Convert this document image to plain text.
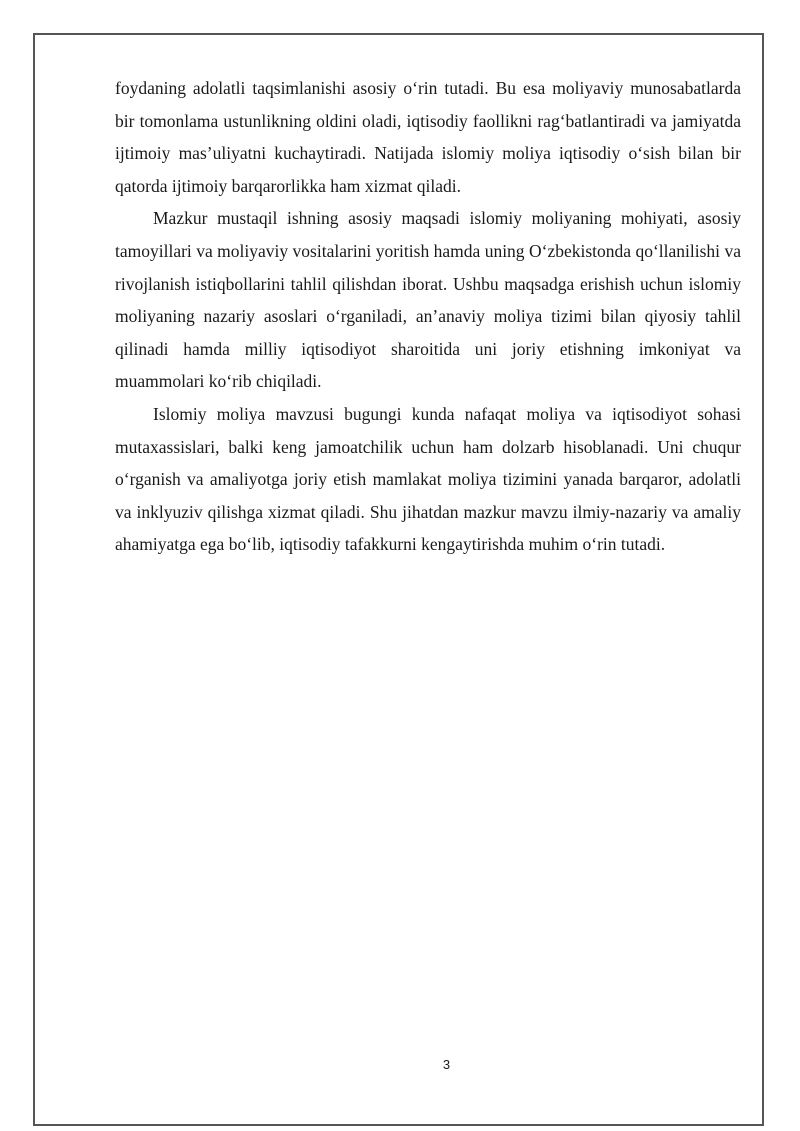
foydaning adolatli taqsimlanishi asosiy o‘rin tutadi. Bu esa moliyaviy munosabatlarda bir tomonlama ustunlikning oldini oladi, iqtisodiy faollikni rag‘batlantiradi va jamiyatda ijtimoiy mas’uliyatni kuchaytiradi. Natijada islomiy moliya iqtisodiy o‘sish bilan bir qatorda ijtimoiy barqarorlikka ham xizmat qiladi.

Mazkur mustaqil ishning asosiy maqsadi islomiy moliyaning mohiyati, asosiy tamoyillari va moliyaviy vositalarini yoritish hamda uning O‘zbekistonda qo‘llanilishi va rivojlanish istiqbollarini tahlil qilishdan iborat. Ushbu maqsadga erishish uchun islomiy moliyaning nazariy asoslari o‘rganiladi, an’anaviy moliya tizimi bilan qiyosiy tahlil qilinadi hamda milliy iqtisodiyot sharoitida uni joriy etishning imkoniyat va muammolari ko‘rib chiqiladi.

Islomiy moliya mavzusi bugungi kunda nafaqat moliya va iqtisodiyot sohasi mutaxassislari, balki keng jamoatchilik uchun ham dolzarb hisoblanadi. Uni chuqur o‘rganish va amaliyotga joriy etish mamlakat moliya tizimini yanada barqaror, adolatli va inklyuziv qilishga xizmat qiladi. Shu jihatdan mazkur mavzu ilmiy-nazariy va amaliy ahamiyatga ega bo‘lib, iqtisodiy tafakkurni kengaytirishda muhim o‘rin tutadi.

3
